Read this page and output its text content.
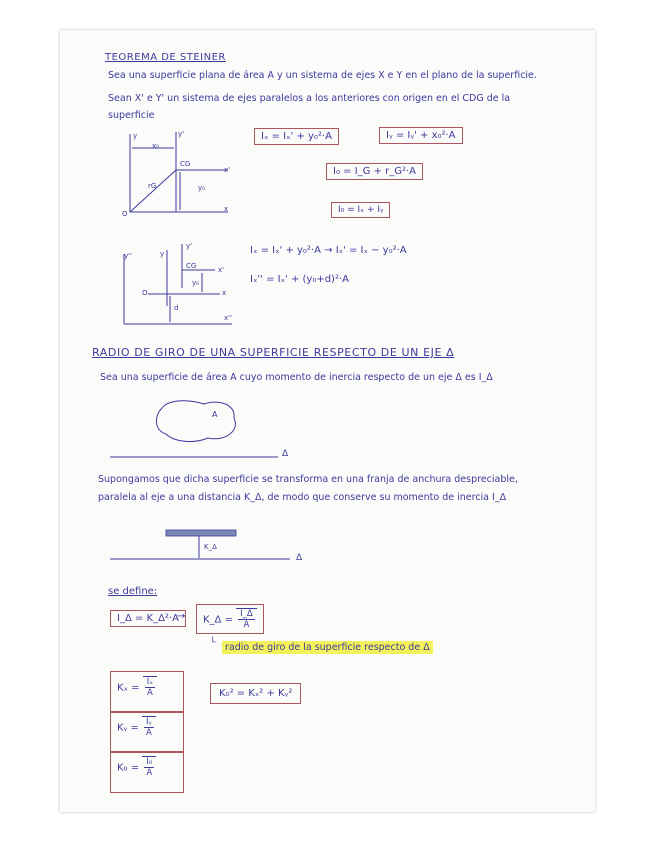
TEOREMA DE STEINER
Sea una superficie plana de área A y un sistema de ejes X e Y en el plano de la superficie.
Sean X' e Y' un sistema de ejes paralelos a los anteriores con origen en el CDG de la
superficie
y	y'
x₀
CG
x'
rG	y₀
x
O
Iₓ = Iₓ' + y₀²·A	Iᵧ = Iᵧ' + x₀²·A
I₀ = I_G + r_G²·A
I₀ = Iₓ + Iᵧ
y''	y
y'
CG	x'
y₀
x
O
d
x''
Iₓ = Iₓ' + y₀²·A → Iₓ' = Iₓ − y₀²·A
Iₓ'' = Iₓ' + (y₀+d)²·A
RADIO DE GIRO DE UNA SUPERFICIE RESPECTO DE UN EJE Δ
Sea una superficie de área A cuyo momento de inercia respecto de un eje Δ es I_Δ
A
Δ
Supongamos que dicha superficie se transforma en una franja de anchura despreciable,
paralela al eje a una distancia K_Δ, de modo que conserve su momento de inercia I_Δ
K_Δ
Δ
se define:
I_Δ = K_Δ²·A
→	K_Δ = $\frac{I\_\Delta}{A}$
└	radio de giro de la superficie respecto de Δ
$K_x = \frac{\text{Iₓ}}{A}$
Kᵧ = $\frac{\text{Iᵧ}}{A}$
$K_0 = \frac{\text{I₀}}{A}$
K₀² = Kₓ² + Kᵧ²
